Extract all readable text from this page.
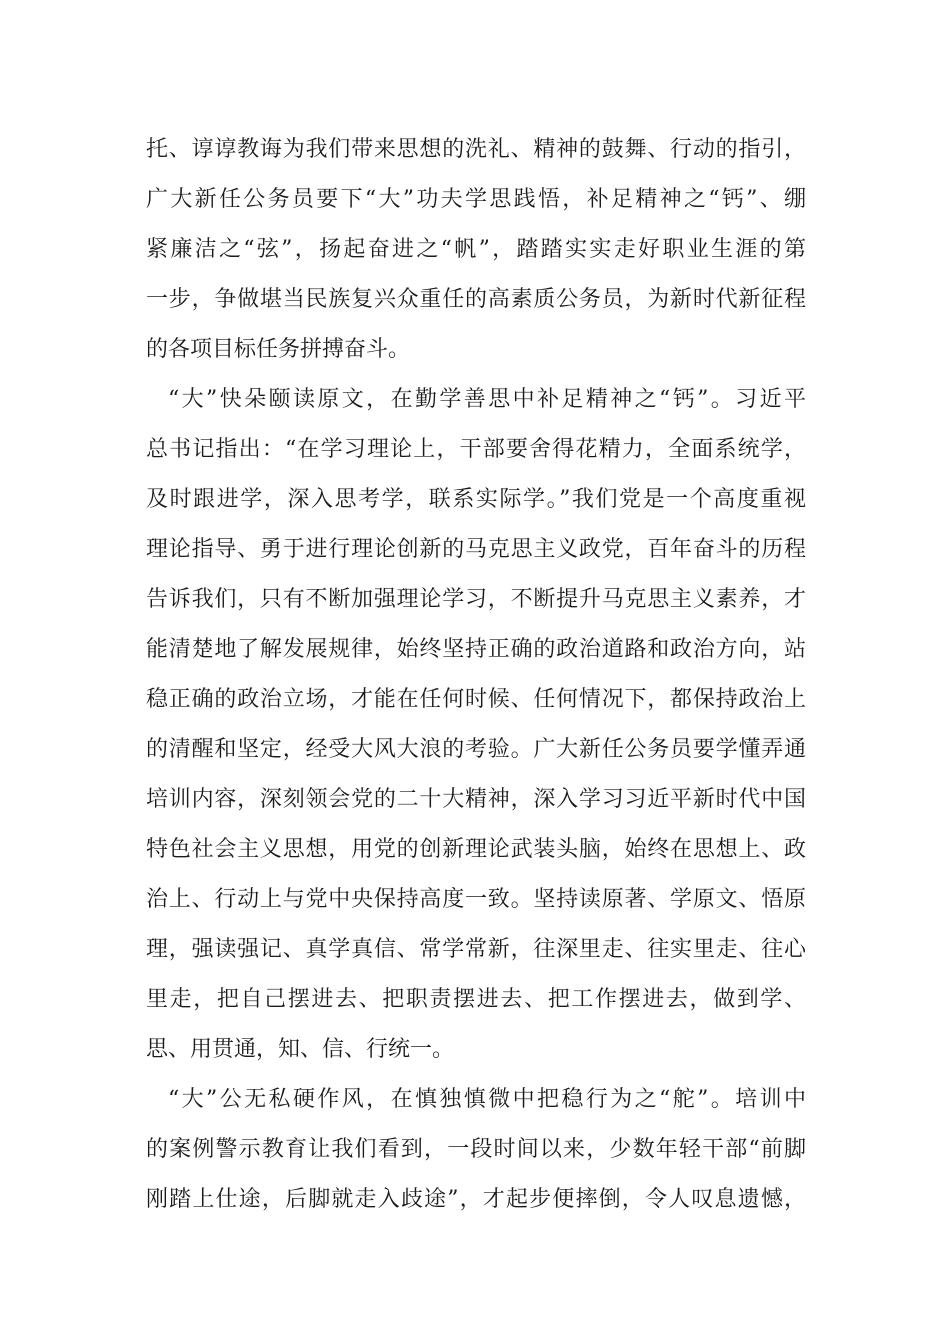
托、谆谆教诲为我们带来思想的洗礼、精神的鼓舞、行动的指引，
广大新任公务员要下“大”功夫学思践悟，补足精神之“钙”、绷
紧廉洁之“弦”，扬起奋进之“帆”，踏踏实实走好职业生涯的第
一步，争做堪当民族复兴众重任的高素质公务员，为新时代新征程
的各项目标任务拼搏奋斗。
“大”快朵颐读原文，在勤学善思中补足精神之“钙”。习近平
总书记指出：“在学习理论上，干部要舍得花精力，全面系统学，
及时跟进学，深入思考学，联系实际学。”我们党是一个高度重视
理论指导、勇于进行理论创新的马克思主义政党，百年奋斗的历程
告诉我们，只有不断加强理论学习，不断提升马克思主义素养，才
能清楚地了解发展规律，始终坚持正确的政治道路和政治方向，站
稳正确的政治立场，才能在任何时候、任何情况下，都保持政治上
的清醒和坚定，经受大风大浪的考验。广大新任公务员要学懂弄通
培训内容，深刻领会党的二十大精神，深入学习习近平新时代中国
特色社会主义思想，用党的创新理论武装头脑，始终在思想上、政
治上、行动上与党中央保持高度一致。坚持读原著、学原文、悟原
理，强读强记、真学真信、常学常新，往深里走、往实里走、往心
里走，把自己摆进去、把职责摆进去、把工作摆进去，做到学、
思、用贯通，知、信、行统一。
“大”公无私硬作风，在慎独慎微中把稳行为之“舵”。培训中
的案例警示教育让我们看到，一段时间以来，少数年轻干部“前脚
刚踏上仕途，后脚就走入歧途”，才起步便摔倒，令人叹息遗憾，
